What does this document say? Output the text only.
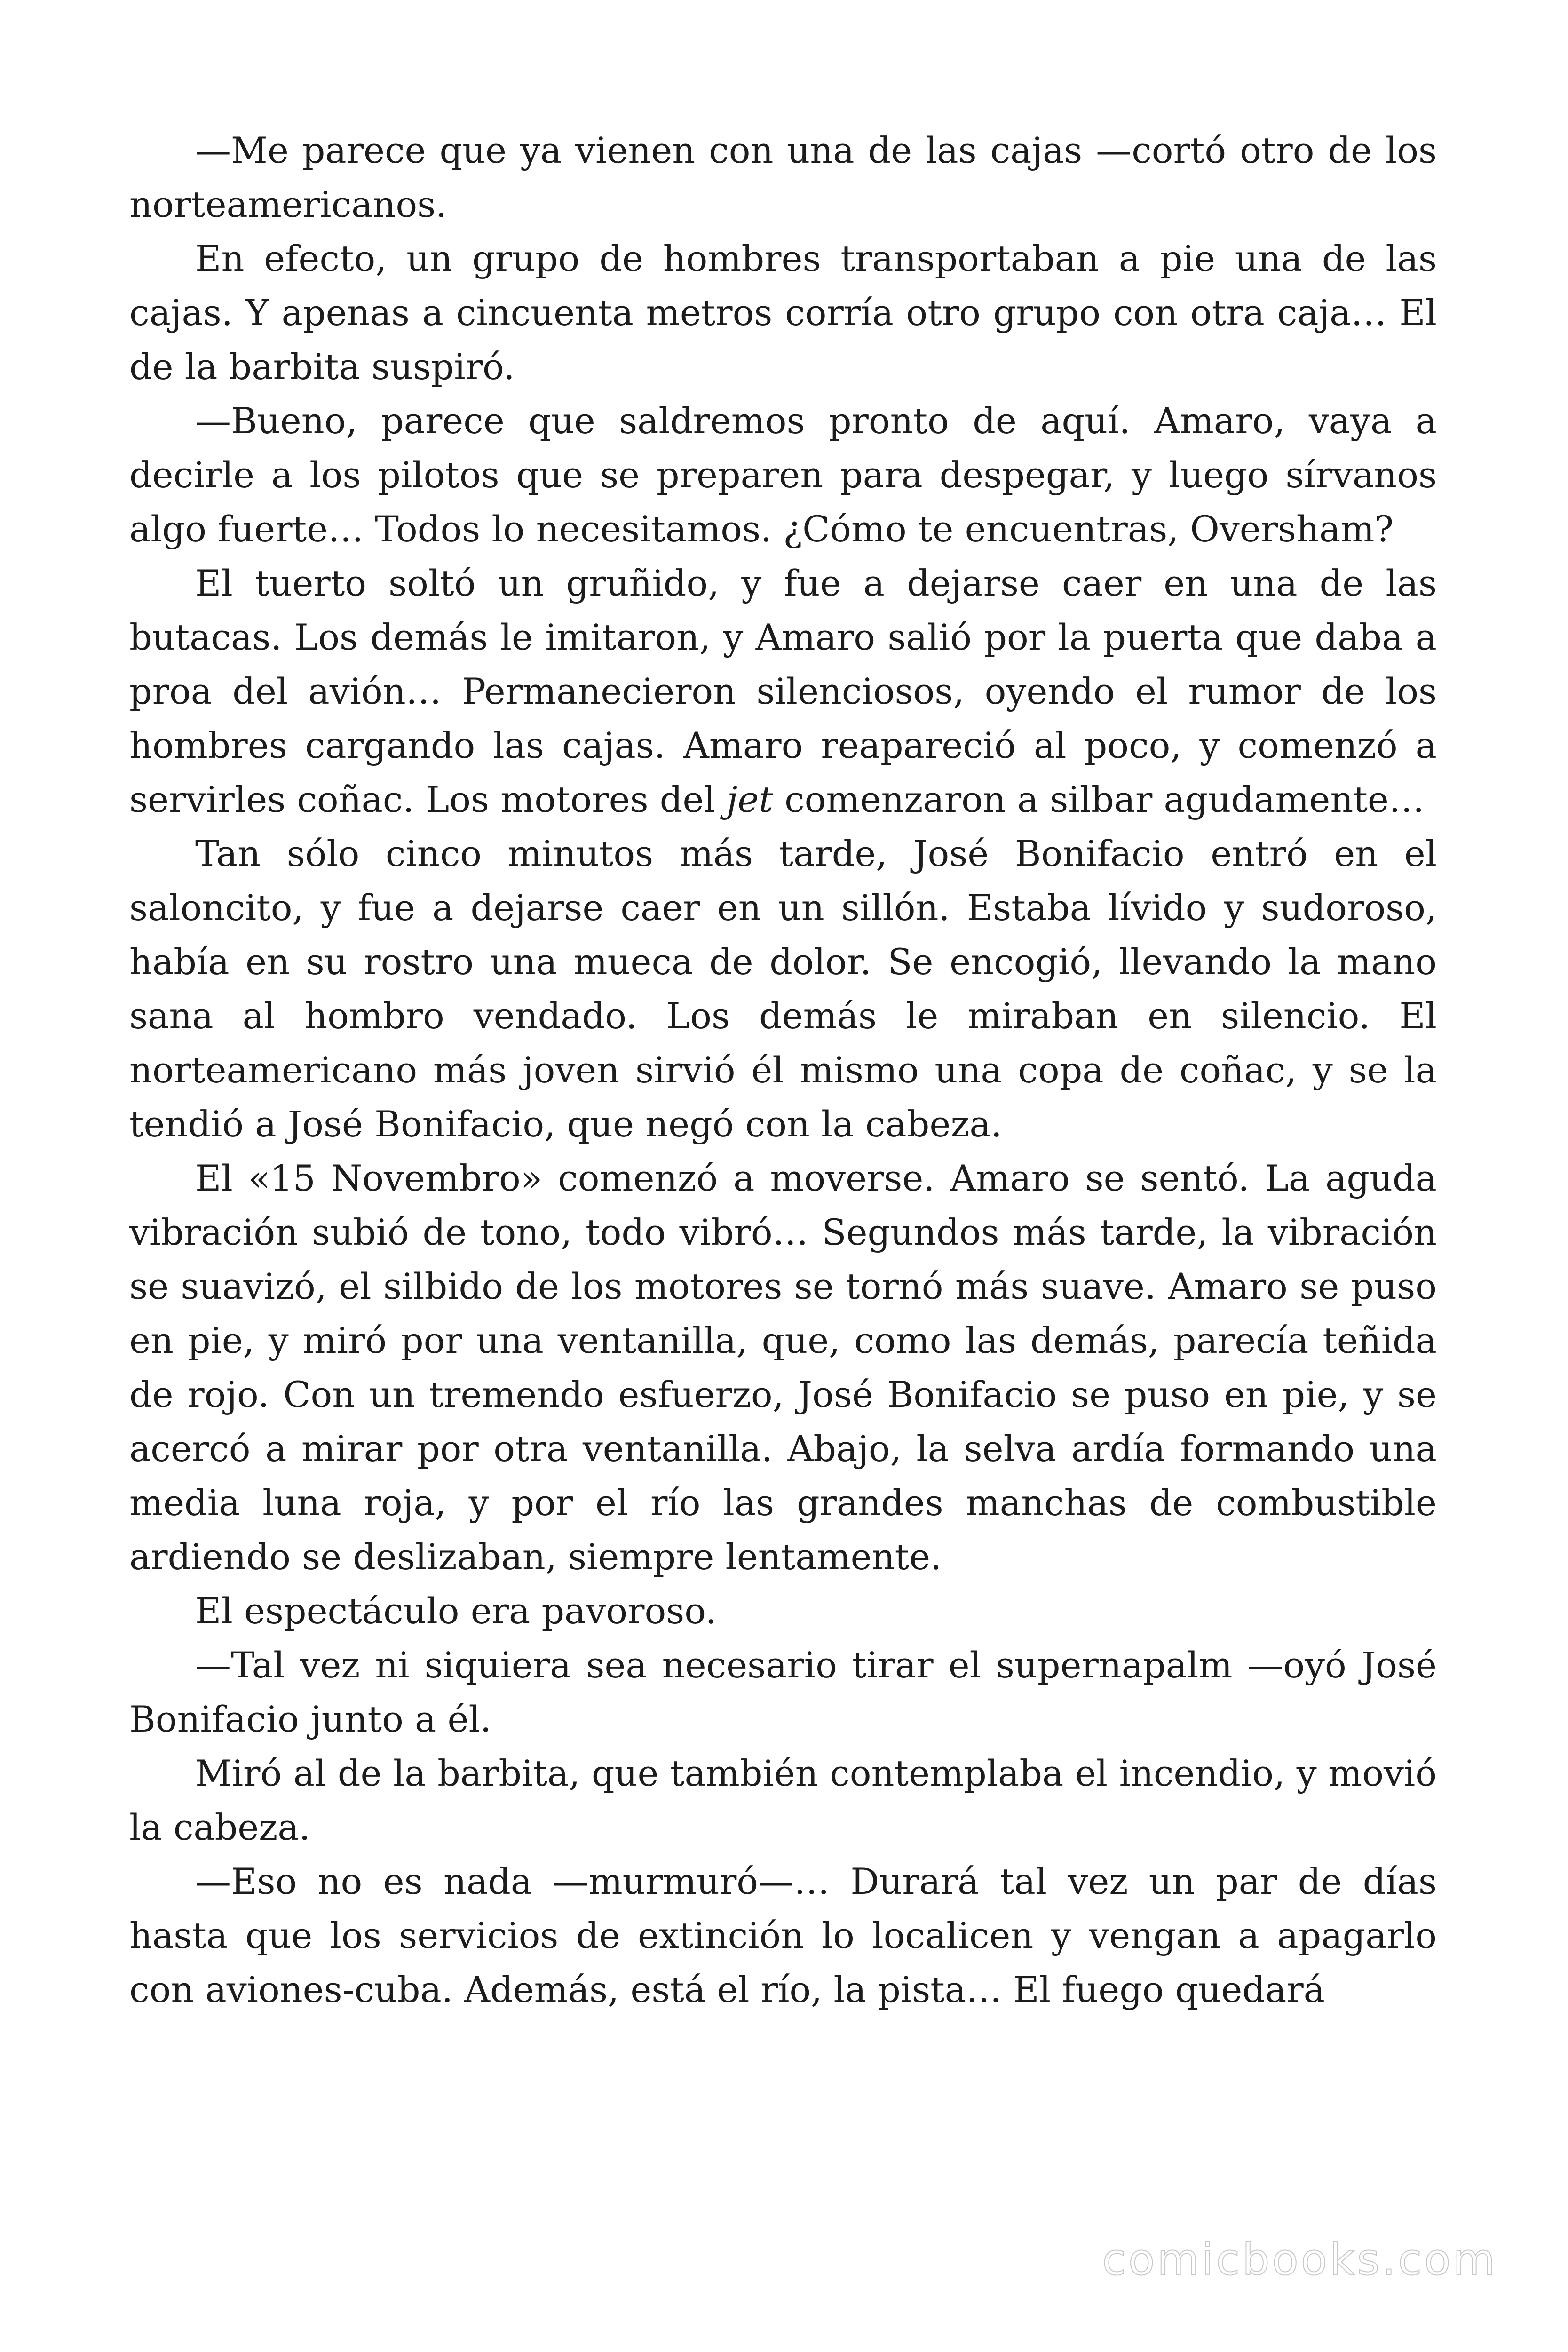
—Me parece que ya vienen con una de las cajas —cortó otro de los norteamericanos.

En efecto, un grupo de hombres transportaban a pie una de las cajas. Y apenas a cincuenta metros corría otro grupo con otra caja… El de la barbita suspiró.

—Bueno, parece que saldremos pronto de aquí. Amaro, vaya a decirle a los pilotos que se preparen para despegar, y luego sírvanos algo fuerte… Todos lo necesitamos. ¿Cómo te encuentras, Oversham?

El tuerto soltó un gruñido, y fue a dejarse caer en una de las butacas. Los demás le imitaron, y Amaro salió por la puerta que daba a proa del avión… Permanecieron silenciosos, oyendo el rumor de los hombres cargando las cajas. Amaro reapareció al poco, y comenzó a servirles coñac. Los motores del jet comenzaron a silbar agudamente…

Tan sólo cinco minutos más tarde, José Bonifacio entró en el saloncito, y fue a dejarse caer en un sillón. Estaba lívido y sudoroso, había en su rostro una mueca de dolor. Se encogió, llevando la mano sana al hombro vendado. Los demás le miraban en silencio. El norteamericano más joven sirvió él mismo una copa de coñac, y se la tendió a José Bonifacio, que negó con la cabeza.

El «15 Novembro» comenzó a moverse. Amaro se sentó. La aguda vibración subió de tono, todo vibró… Segundos más tarde, la vibración se suavizó, el silbido de los motores se tornó más suave. Amaro se puso en pie, y miró por una ventanilla, que, como las demás, parecía teñida de rojo. Con un tremendo esfuerzo, José Bonifacio se puso en pie, y se acercó a mirar por otra ventanilla. Abajo, la selva ardía formando una media luna roja, y por el río las grandes manchas de combustible ardiendo se deslizaban, siempre lentamente.

El espectáculo era pavoroso.

—Tal vez ni siquiera sea necesario tirar el supernapalm —oyó José Bonifacio junto a él.

Miró al de la barbita, que también contemplaba el incendio, y movió la cabeza.

—Eso no es nada —murmuró—… Durará tal vez un par de días hasta que los servicios de extinción lo localicen y vengan a apagarlo con aviones-cuba. Además, está el río, la pista… El fuego quedará

comicbooks.com
